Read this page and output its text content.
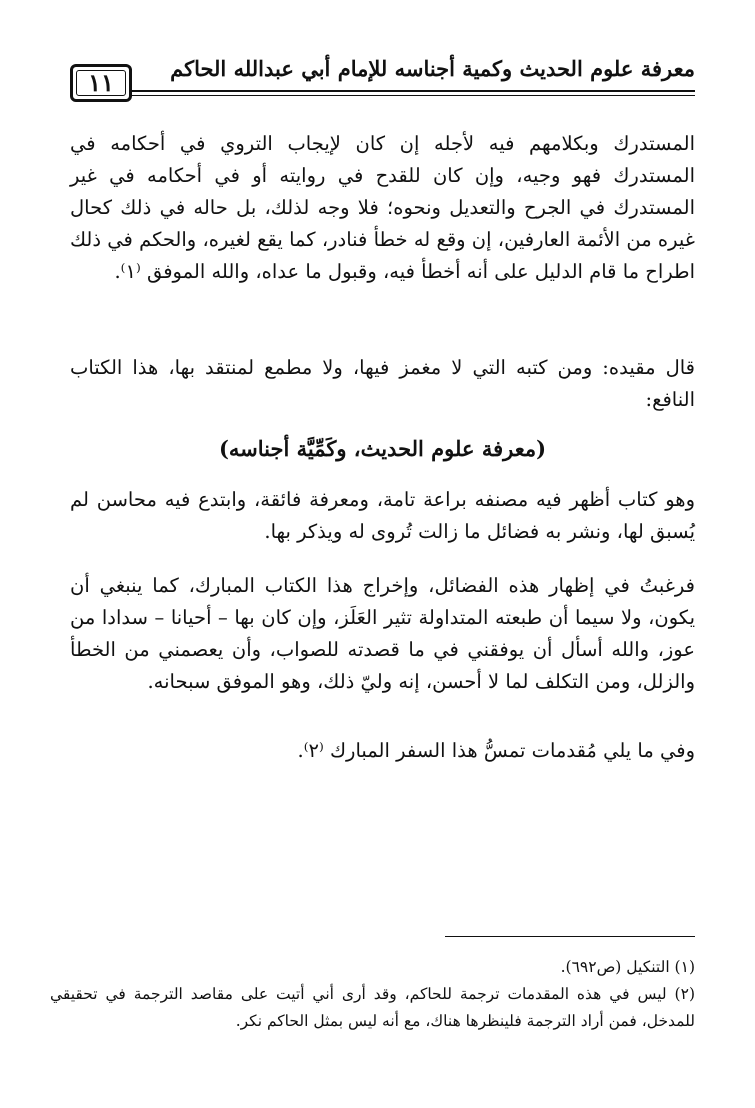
معرفة علوم الحديث وكمية أجناسه للإمام أبي عبدالله الحاكم
١١
المستدرك وبكلامهم فيه لأجله إن كان لإيجاب التروي في أحكامه في المستدرك فهو وجيه، وإن كان للقدح في روايته أو في أحكامه في غير المستدرك في الجرح والتعديل ونحوه؛ فلا وجه لذلك، بل حاله في ذلك كحال غيره من الأئمة العارفين، إن وقع له خطأ فنادر، كما يقع لغيره، والحكم في ذلك اطراح ما قام الدليل على أنه أخطأ فيه، وقبول ما عداه، والله الموفق ⁽١⁾.
قال مقيده: ومن كتبه التي لا مغمز فيها، ولا مطمع لمنتقد بها، هذا الكتاب النافع:
(معرفة علوم الحديث، وكَمِّيَّة أجناسه)
وهو كتاب أظهر فيه مصنفه براعة تامة، ومعرفة فائقة، وابتدع فيه محاسن لم يُسبق لها، ونشر به فضائل ما زالت تُروى له ويذكر بها.
فرغبتُ في إظهار هذه الفضائل، وإخراج هذا الكتاب المبارك، كما ينبغي أن يكون، ولا سيما أن طبعته المتداولة تثير العَلَز، وإن كان بها – أحيانا – سدادا من عوز، والله أسأل أن يوفقني في ما قصدته للصواب، وأن يعصمني من الخطأ والزلل، ومن التكلف لما لا أحسن، إنه وليّ ذلك، وهو الموفق سبحانه.
وفي ما يلي مُقدمات تمسُّ هذا السفر المبارك ⁽٢⁾.
(١) التنكيل (ص٦٩٢).
(٢) ليس في هذه المقدمات ترجمة للحاكم، وقد أرى أني أتيت على مقاصد الترجمة في تحقيقي للمدخل، فمن أراد الترجمة فلينظرها هناك، مع أنه ليس بمثل الحاكم نكر.
